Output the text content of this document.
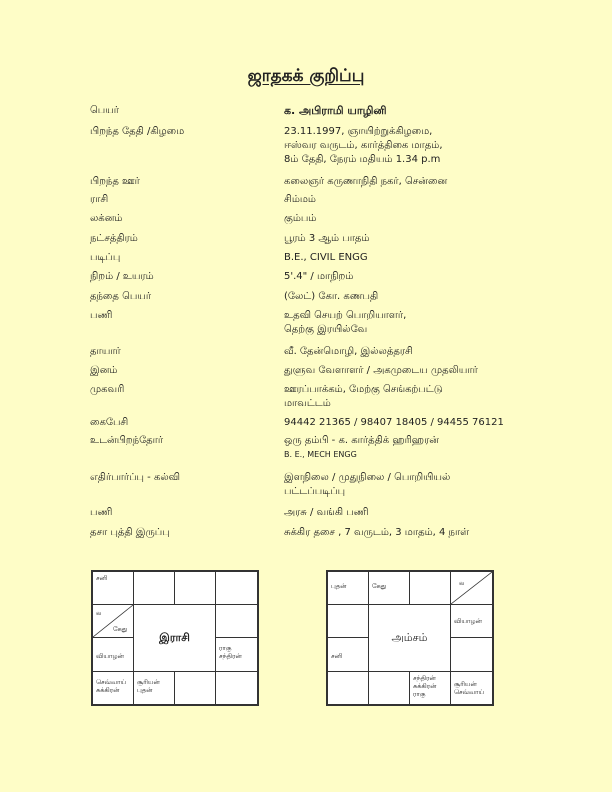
ஜாதகக் குறிப்பு
பெயர்	க. அபிராமி யாழினி
பிறந்த தேதி /கிழமை	23.11.1997, ஞாயிற்றுக்கிழமை,
ஈஸ்வர வருடம், கார்த்திகை மாதம்,
8ம் தேதி, நேரம் மதியம் 1.34 p.m
பிறந்த ஊர்	கலைஞர் கருணாநிதி நகர், சென்னை
ராசி	சிம்மம்
லக்னம்	கும்பம்
நட்சத்திரம்	பூரம் 3 ஆம் பாதம்
படிப்பு	B.E., CIVIL ENGG
நிறம் / உயரம்	5'.4" / மாநிறம்
தந்தை பெயர்	(லேட்) கோ. கணபதி
பணி	உதவி செயற் பொறியாளர்,
தெற்கு இரயில்வே
தாயார்	வீ. தேன்மொழி, இல்லத்தரசி
இனம்	துளுவ வேளாளர் / அகமுடைய முதலியார்
முகவரி	ஊரப்பாக்கம், மேற்கு செங்கற்பட்டு
மாவட்டம்
கைபேசி	94442 21365 / 98407 18405 / 94455 76121
உடன்பிறந்தோர்	ஒரு தம்பி - க. கார்த்திக் ஹரிஹரன்
B. E., MECH ENGG
எதிர்பார்ப்பு - கல்வி	இளநிலை / முதுநிலை / பொறியியல்
பட்டப்படிப்பு
பணி	அரசு / வங்கி பணி
தசா புத்தி இருப்பு	சுக்கிர தசை , 7 வருடம், 3 மாதம், 4 நாள்
சனி
ல
கேது
இராசி
வியாழன்
ராகு
சந்திரன்
செவ்வாய்
சுக்கிரன்
சூரியன்
புதன்
புதன்	கேது	ல
அம்சம்
வியாழன்
சனி
சந்திரன்
சுக்கிரன்
ராகு
சூரியன்
செவ்வாய்
